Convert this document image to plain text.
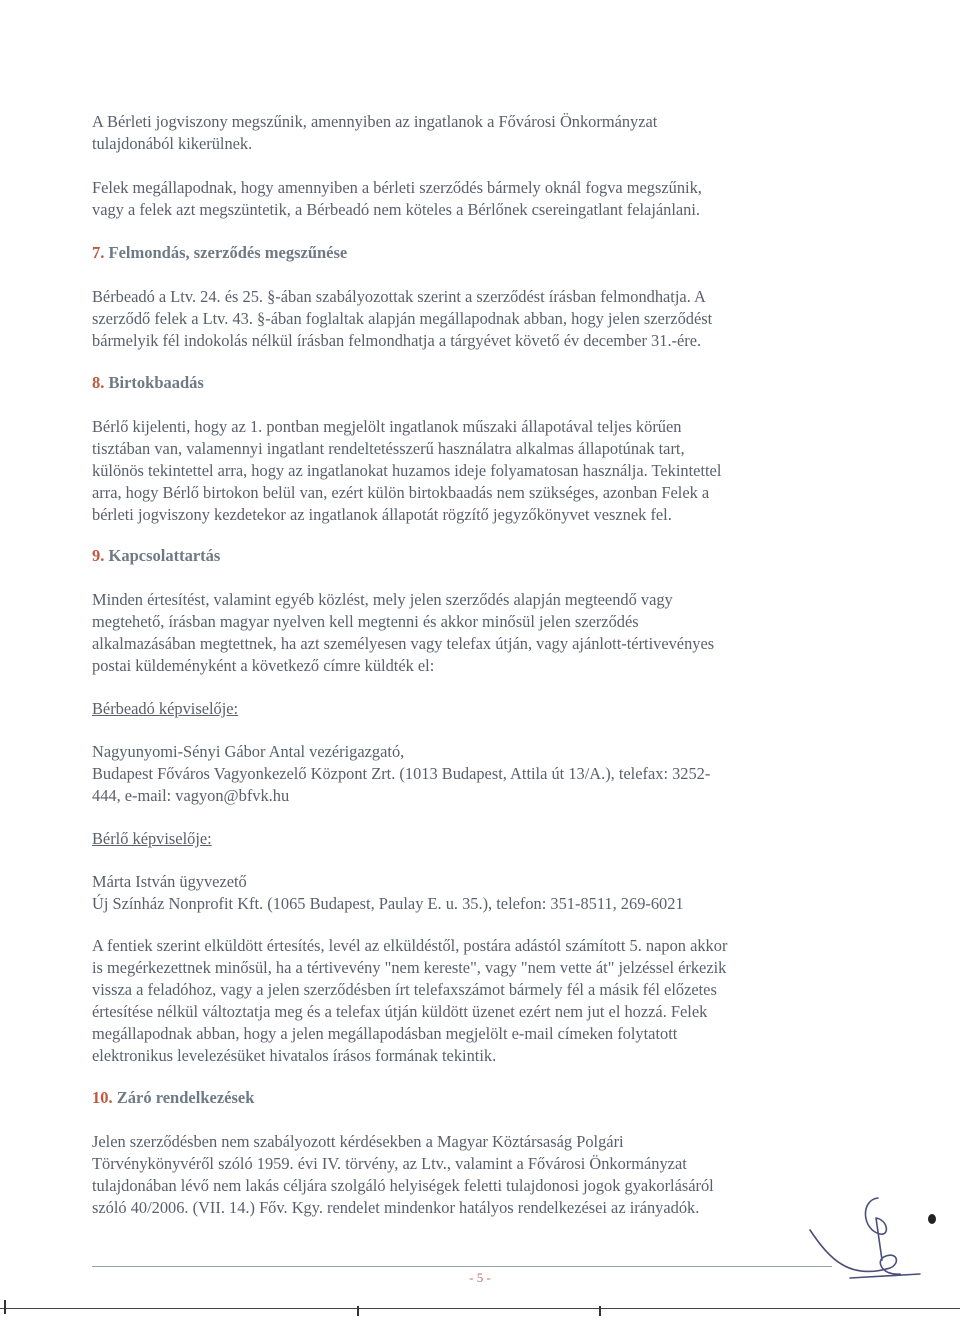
A Bérleti jogviszony megszűnik, amennyiben az ingatlanok a Fővárosi Önkormányzat
tulajdonából kikerülnek.

Felek megállapodnak, hogy amennyiben a bérleti szerződés bármely oknál fogva megszűnik,
vagy a felek azt megszüntetik, a Bérbeadó nem köteles a Bérlőnek csereingatlant felajánlani.

7. Felmondás, szerződés megszűnése

Bérbeadó a Ltv. 24. és 25. §-ában szabályozottak szerint a szerződést írásban felmondhatja. A
szerződő felek a Ltv. 43. §-ában foglaltak alapján megállapodnak abban, hogy jelen szerződést
bármelyik fél indokolás nélkül írásban felmondhatja a tárgyévet követő év december 31.-ére.

8. Birtokbaadás

Bérlő kijelenti, hogy az 1. pontban megjelölt ingatlanok műszaki állapotával teljes körűen
tisztában van, valamennyi ingatlant rendeltetésszerű használatra alkalmas állapotúnak tart,
különös tekintettel arra, hogy az ingatlanokat huzamos ideje folyamatosan használja. Tekintettel
arra, hogy Bérlő birtokon belül van, ezért külön birtokbaadás nem szükséges, azonban Felek a
bérleti jogviszony kezdetekor az ingatlanok állapotát rögzítő jegyzőkönyvet vesznek fel.

9. Kapcsolattartás

Minden értesítést, valamint egyéb közlést, mely jelen szerződés alapján megteendő vagy
megtehető, írásban magyar nyelven kell megtenni és akkor minősül jelen szerződés
alkalmazásában megtettnek, ha azt személyesen vagy telefax útján, vagy ajánlott-tértivevényes
postai küldeményként a következő címre küldték el:

Bérbeadó képviselője:

Nagyunyomi-Sényi Gábor Antal vezérigazgató,
Budapest Főváros Vagyonkezelő Központ Zrt. (1013 Budapest, Attila út 13/A.), telefax: 3252-
444, e-mail: vagyon@bfvk.hu

Bérlő képviselője:

Márta István ügyvezető
Új Színház Nonprofit Kft. (1065 Budapest, Paulay E. u. 35.), telefon: 351-8511, 269-6021

A fentiek szerint elküldött értesítés, levél az elküldéstől, postára adástól számított 5. napon akkor
is megérkezettnek minősül, ha a tértivevény "nem kereste", vagy "nem vette át" jelzéssel érkezik
vissza a feladóhoz, vagy a jelen szerződésben írt telefaxszámot bármely fél a másik fél előzetes
értesítése nélkül változtatja meg és a telefax útján küldött üzenet ezért nem jut el hozzá. Felek
megállapodnak abban, hogy a jelen megállapodásban megjelölt e-mail címeken folytatott
elektronikus levelezésüket hivatalos írásos formának tekintik.

10. Záró rendelkezések

Jelen szerződésben nem szabályozott kérdésekben a Magyar Köztársaság Polgári
Törvénykönyvéről szóló 1959. évi IV. törvény, az Ltv., valamint a Fővárosi Önkormányzat
tulajdonában lévő nem lakás céljára szolgáló helyiségek feletti tulajdonosi jogok gyakorlásáról
szóló 40/2006. (VII. 14.) Főv. Kgy. rendelet mindenkor hatályos rendelkezései az irányadók.

- 5 -
